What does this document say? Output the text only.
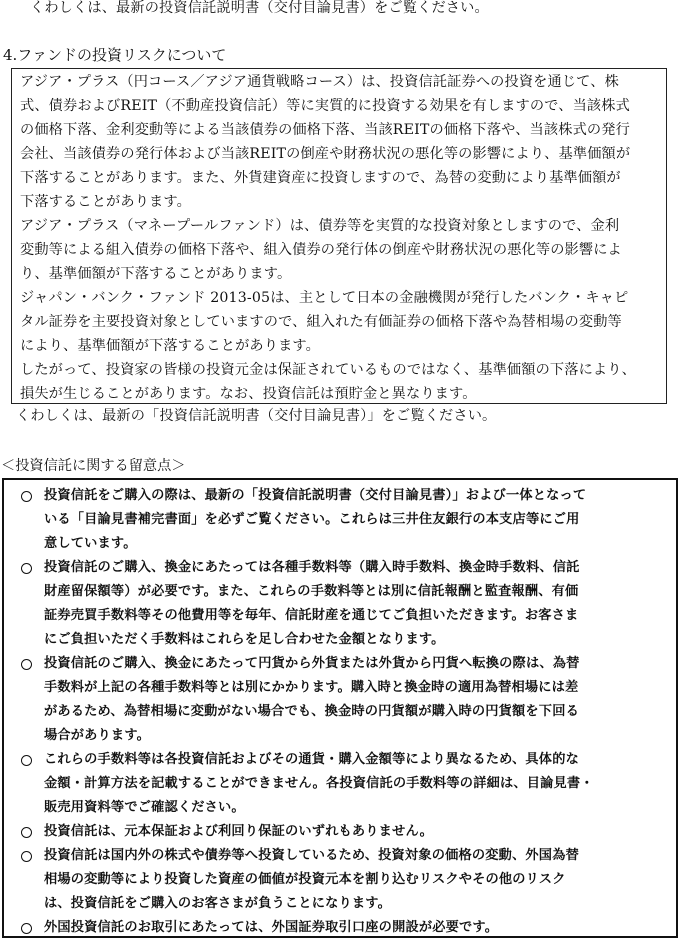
くわしくは、最新の投資信託説明書（交付目論見書）をご覧ください。
4.ファンドの投資リスクについて
アジア・プラス（円コース／アジア通貨戦略コース）は、投資信託証券への投資を通じて、株
式、債券およびREIT（不動産投資信託）等に実質的に投資する効果を有しますので、当該株式
の価格下落、金利変動等による当該債券の価格下落、当該REITの価格下落や、当該株式の発行
会社、当該債券の発行体および当該REITの倒産や財務状況の悪化等の影響により、基準価額が
下落することがあります。また、外貨建資産に投資しますので、為替の変動により基準価額が
下落することがあります。
アジア・プラス（マネープールファンド）は、債券等を実質的な投資対象としますので、金利
変動等による組入債券の価格下落や、組入債券の発行体の倒産や財務状況の悪化等の影響によ
り、基準価額が下落することがあります。
ジャパン・バンク・ファンド 2013-05は、主として日本の金融機関が発行したバンク・キャピ
タル証券を主要投資対象としていますので、組入れた有価証券の価格下落や為替相場の変動等
により、基準価額が下落することがあります。
したがって、投資家の皆様の投資元金は保証されているものではなく、基準価額の下落により、
損失が生じることがあります。なお、投資信託は預貯金と異なります。
くわしくは、最新の「投資信託説明書（交付目論見書）」をご覧ください。
＜投資信託に関する留意点＞
投資信託をご購入の際は、最新の「投資信託説明書（交付目論見書）」および一体となって
いる「目論見書補完書面」を必ずご覧ください。これらは三井住友銀行の本支店等にご用
意しています。
投資信託のご購入、換金にあたっては各種手数料等（購入時手数料、換金時手数料、信託
財産留保額等）が必要です。また、これらの手数料等とは別に信託報酬と監査報酬、有価
証券売買手数料等その他費用等を毎年、信託財産を通じてご負担いただきます。お客さま
にご負担いただく手数料はこれらを足し合わせた金額となります。
投資信託のご購入、換金にあたって円貨から外貨または外貨から円貨へ転換の際は、為替
手数料が上記の各種手数料等とは別にかかります。購入時と換金時の適用為替相場には差
があるため、為替相場に変動がない場合でも、換金時の円貨額が購入時の円貨額を下回る
場合があります。
これらの手数料等は各投資信託およびその通貨・購入金額等により異なるため、具体的な
金額・計算方法を記載することができません。各投資信託の手数料等の詳細は、目論見書・
販売用資料等でご確認ください。
投資信託は、元本保証および利回り保証のいずれもありません。
投資信託は国内外の株式や債券等へ投資しているため、投資対象の価格の変動、外国為替
相場の変動等により投資した資産の価値が投資元本を割り込むリスクやその他のリスク
は、投資信託をご購入のお客さまが負うことになります。
外国投資信託のお取引にあたっては、外国証券取引口座の開設が必要です。
